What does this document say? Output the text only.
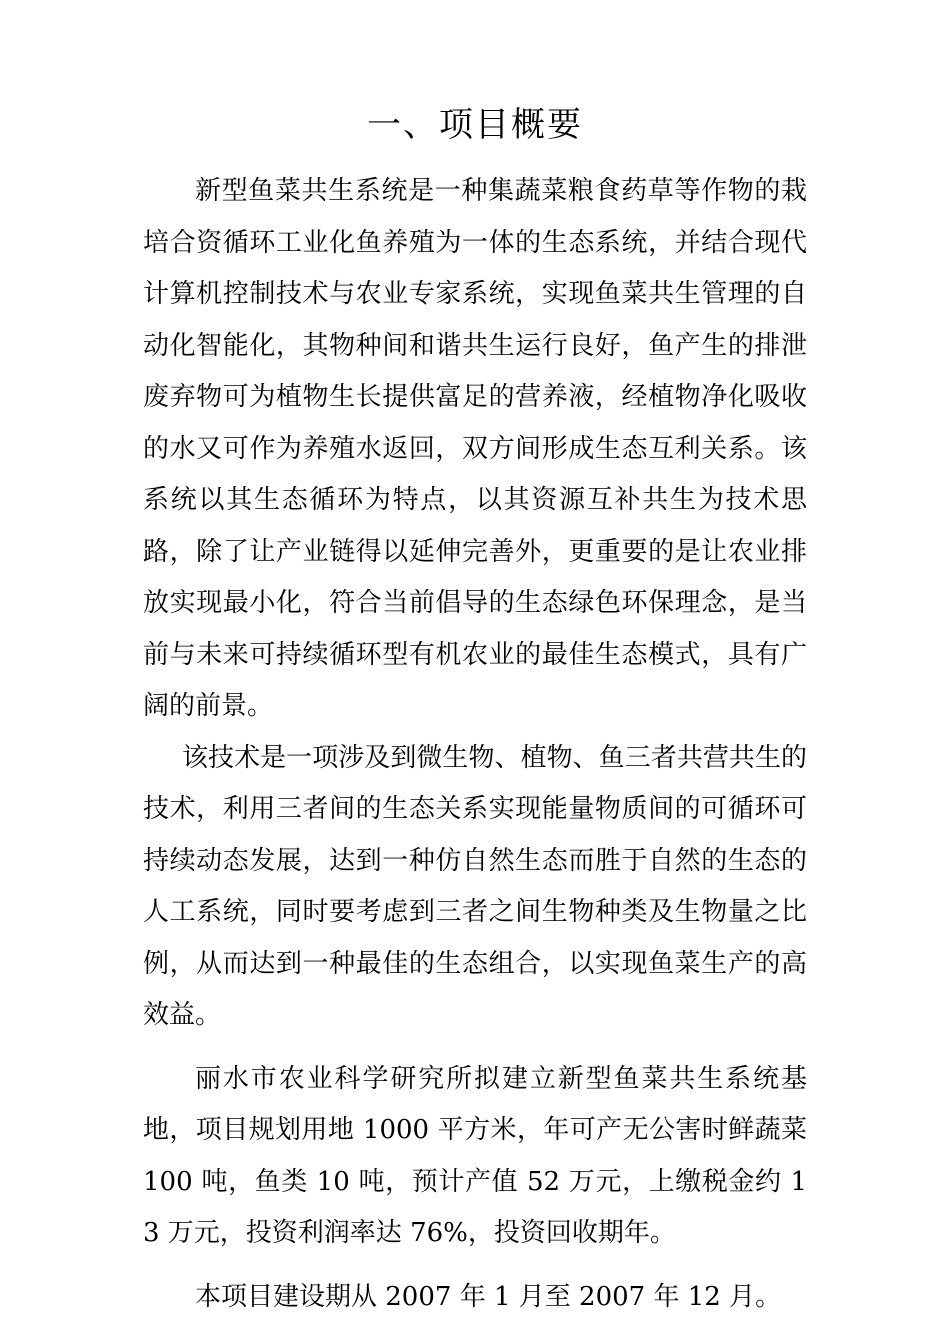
一、项目概要

新型鱼菜共生系统是一种集蔬菜粮食药草等作物的栽培合资循环工业化鱼养殖为一体的生态系统，并结合现代计算机控制技术与农业专家系统，实现鱼菜共生管理的自动化智能化，其物种间和谐共生运行良好，鱼产生的排泄废弃物可为植物生长提供富足的营养液，经植物净化吸收的水又可作为养殖水返回，双方间形成生态互利关系。该系统以其生态循环为特点，以其资源互补共生为技术思路，除了让产业链得以延伸完善外，更重要的是让农业排放实现最小化，符合当前倡导的生态绿色环保理念，是当前与未来可持续循环型有机农业的最佳生态模式，具有广阔的前景。

该技术是一项涉及到微生物、植物、鱼三者共营共生的技术，利用三者间的生态关系实现能量物质间的可循环可持续动态发展，达到一种仿自然生态而胜于自然的生态的人工系统，同时要考虑到三者之间生物种类及生物量之比例，从而达到一种最佳的生态组合，以实现鱼菜生产的高效益。

丽水市农业科学研究所拟建立新型鱼菜共生系统基地，项目规划用地 1000 平方米，年可产无公害时鲜蔬菜 100 吨，鱼类 10 吨，预计产值 52 万元，上缴税金约 13 万元，投资利润率达 76%，投资回收期年。

本项目建设期从 2007 年 1 月至 2007 年 12 月。
